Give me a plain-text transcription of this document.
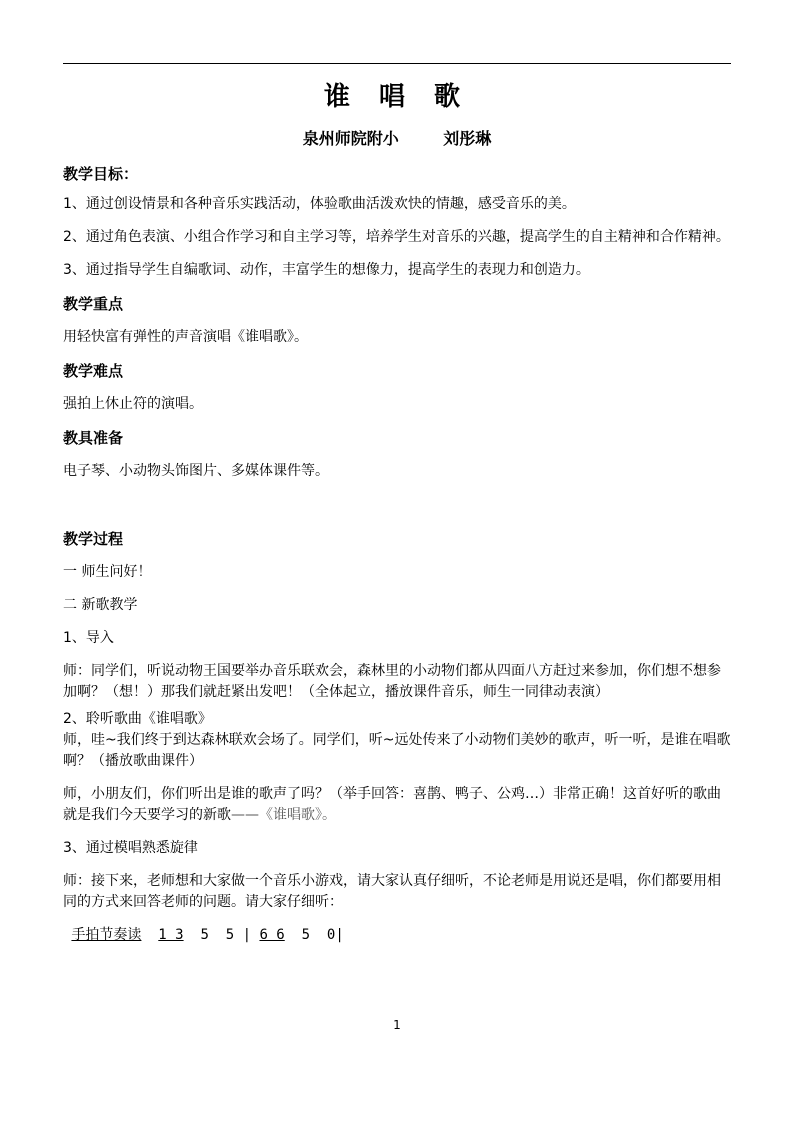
谁 唱 歌
泉州师院附小        刘彤琳
教学目标：
1、通过创设情景和各种音乐实践活动，体验歌曲活泼欢快的情趣，感受音乐的美。
2、通过角色表演、小组合作学习和自主学习等，培养学生对音乐的兴趣，提高学生的自主精神和合作精神。
3、通过指导学生自编歌词、动作，丰富学生的想像力，提高学生的表现力和创造力。
教学重点
用轻快富有弹性的声音演唱《谁唱歌》。
教学难点
强拍上休止符的演唱。
教具准备
电子琴、小动物头饰图片、多媒体课件等。
教学过程
一 师生问好！
二 新歌教学
1、导入
师：同学们，听说动物王国要举办音乐联欢会，森林里的小动物们都从四面八方赶过来参加，你们想不想参加啊？（想！）那我们就赶紧出发吧！（全体起立，播放课件音乐，师生一同律动表演）
2、聆听歌曲《谁唱歌》
师，哇~我们终于到达森林联欢会场了。同学们，听~远处传来了小动物们美妙的歌声，听一听，是谁在唱歌啊？（播放歌曲课件）
师，小朋友们，你们听出是谁的歌声了吗？（举手回答：喜鹊、鸭子、公鸡…）非常正确！这首好听的歌曲就是我们今天要学习的新歌——《谁唱歌》。
3、通过模唱熟悉旋律
师：接下来，老师想和大家做一个音乐小游戏，请大家认真仔细听，不论老师是用说还是唱，你们都要用相同的方式来回答老师的问题。请大家仔细听：
手拍节奏读 1 3  5  5 | 6 6  5  0|
1
